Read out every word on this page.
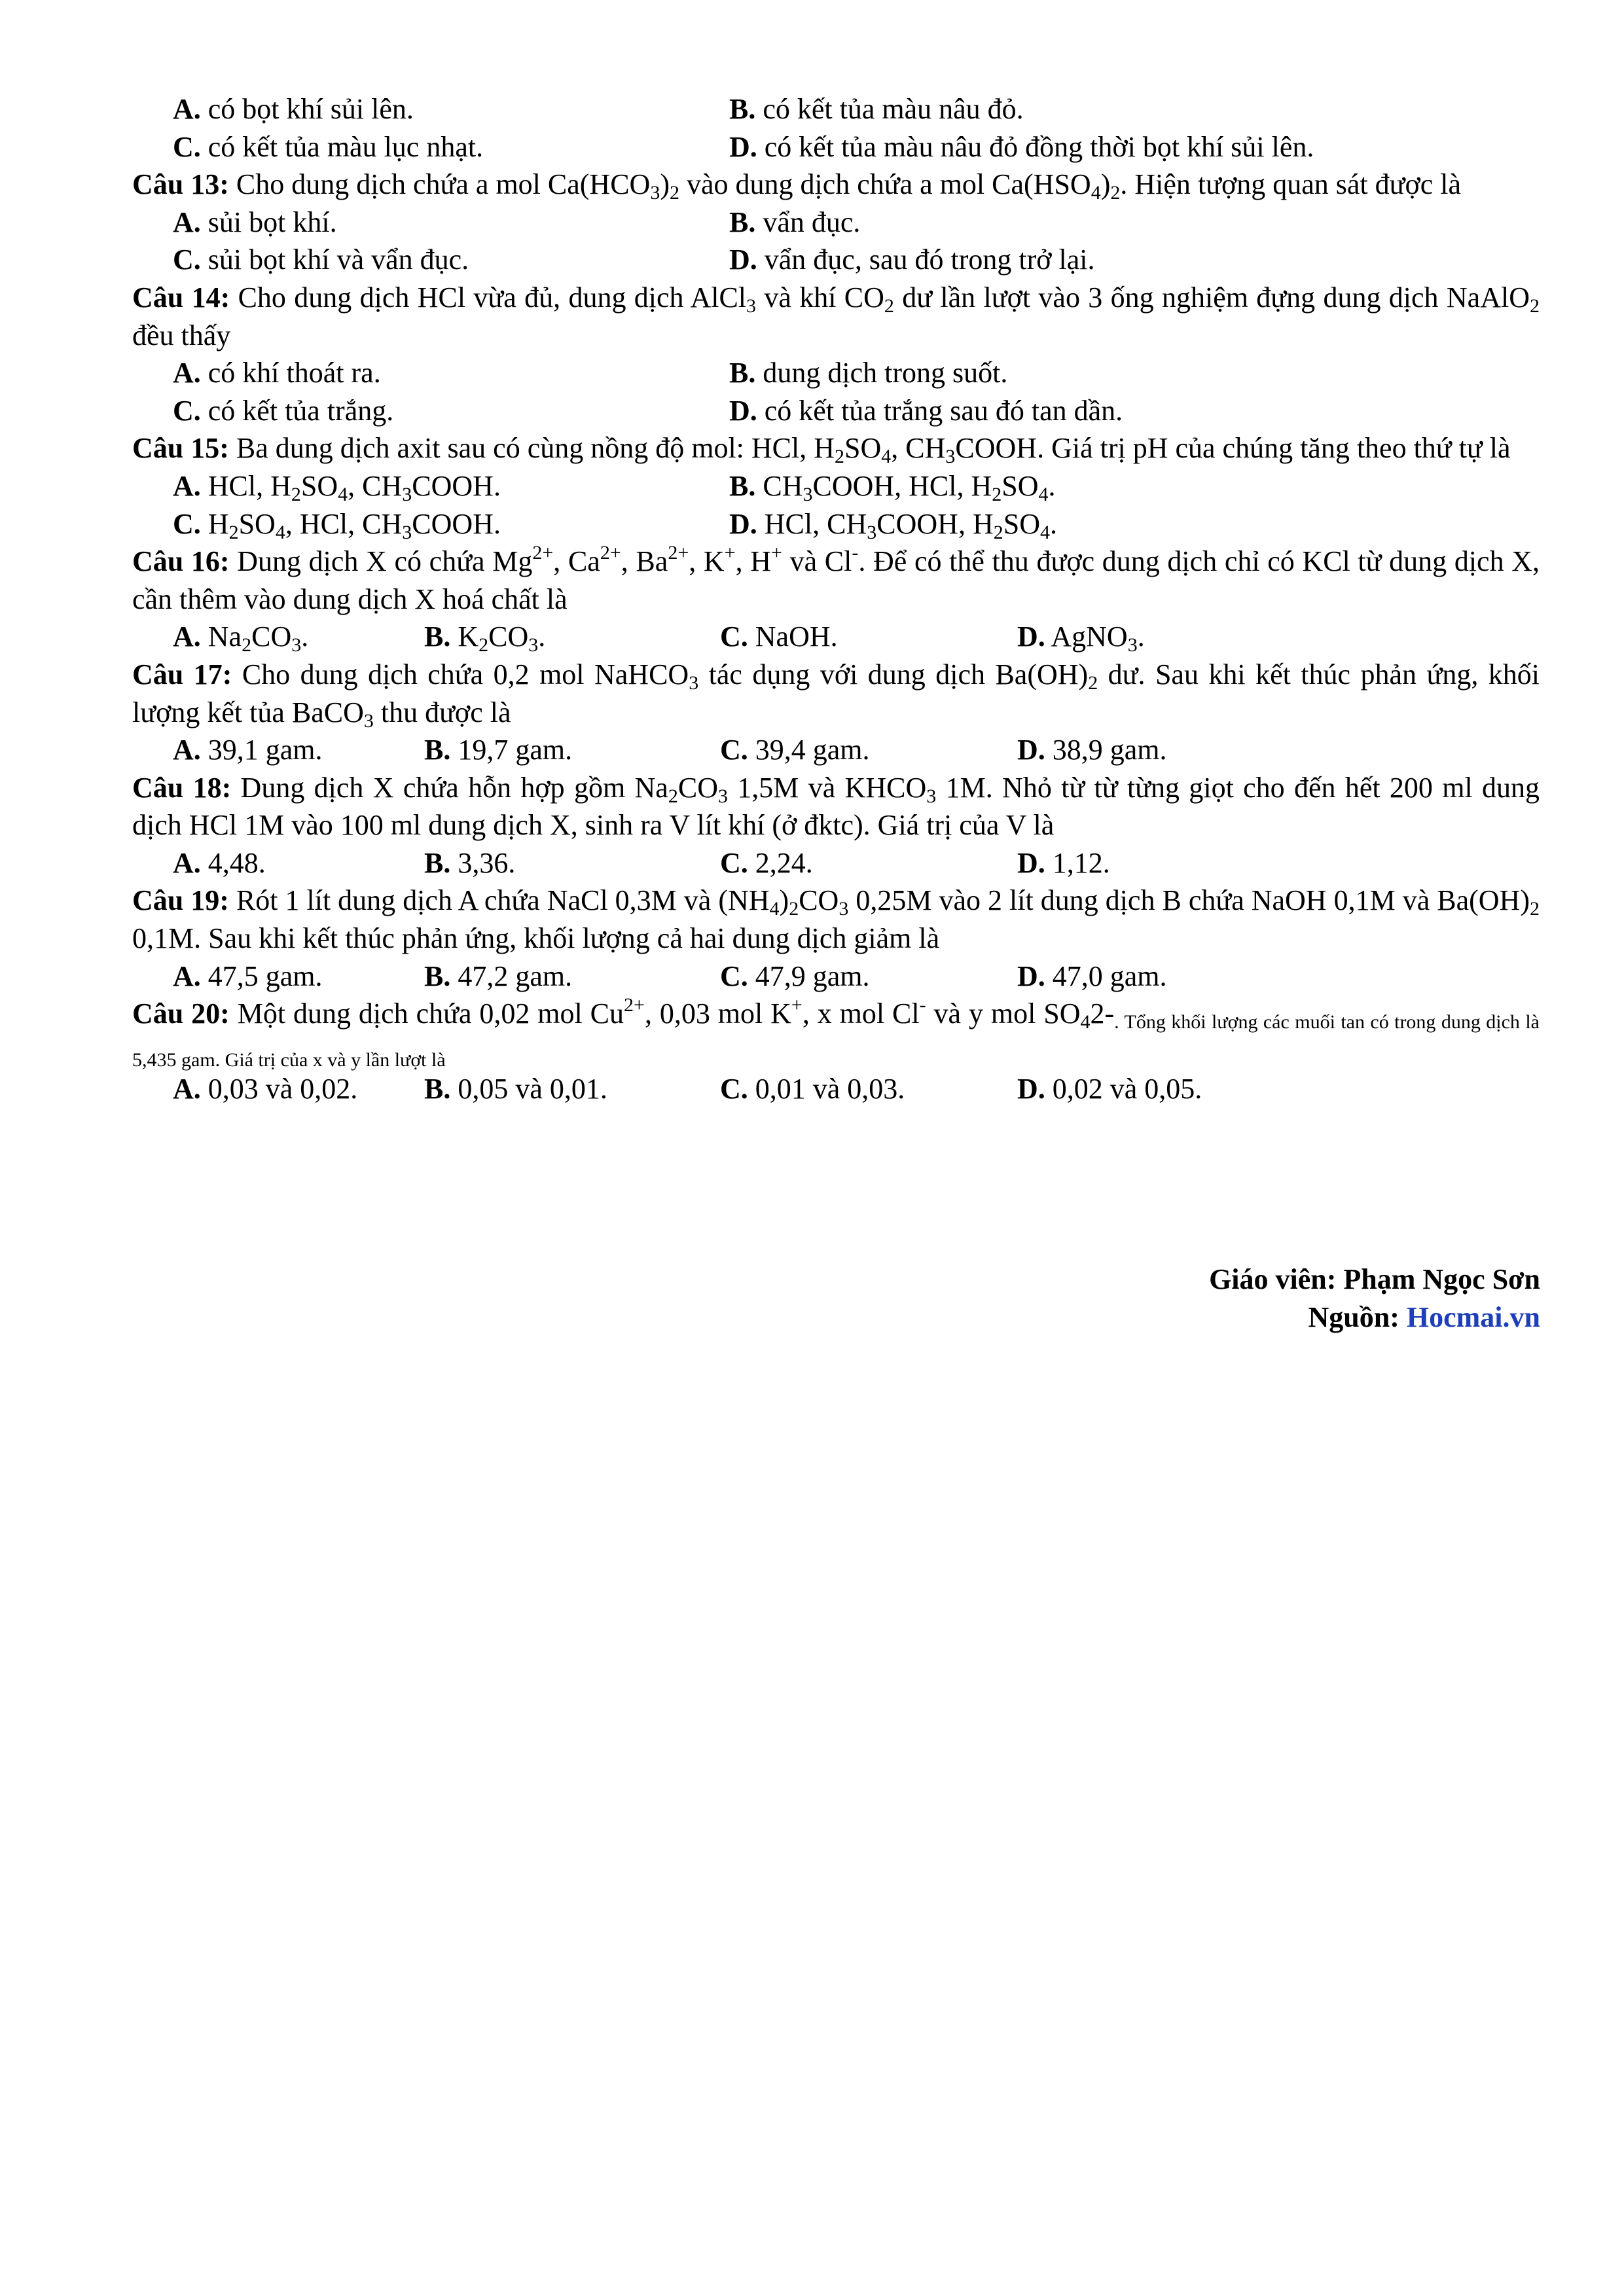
A. có bọt khí sủi lên.	B. có kết tủa màu nâu đỏ.
C. có kết tủa màu lục nhạt.	D. có kết tủa màu nâu đỏ đồng thời bọt khí sủi lên.
Câu 13: Cho dung dịch chứa a mol $Ca(HCO_3)_2$ vào dung dịch chứa a mol $Ca(HSO_4)_2$. Hiện tượng quan sát được là
A. sủi bọt khí.	B. vẩn đục.
C. sủi bọt khí và vẩn đục.	D. vẩn đục, sau đó trong trở lại.
Câu 14: Cho dung dịch HCl vừa đủ, dung dịch AlCl$_3$ và khí $CO_2$ dư lần lượt vào 3 ống nghiệm đựng dung dịch NaAlO$_2$ đều thấy
A. có khí thoát ra.	B. dung dịch trong suốt.
C. có kết tủa trắng.	D. có kết tủa trắng sau đó tan dần.
Câu 15: Ba dung dịch axit sau có cùng nồng độ mol: HCl, $H_2SO_4$, $CH_3COOH$. Giá trị pH của chúng tăng theo thứ tự là
A. HCl, $H_2SO_4$, $CH_3COOH$.	B. $CH_3COOH$, HCl, $H_2SO_4$.
C. $H_2SO_4$, HCl, $CH_3COOH$.	D. HCl, $CH_3COOH$, $H_2SO_4$.
Câu 16: Dung dịch X có chứa $Mg^{2+}$, $Ca^{2+}$, $Ba^{2+}$, K+, H+ và Cl-. Để có thể thu được dung dịch chỉ có KCl từ dung dịch X, cần thêm vào dung dịch X hoá chất là
A. $Na_2CO_3$.	B. $K_2CO_3$.	C. NaOH.	D. AgNO$_3$.
Câu 17: Cho dung dịch chứa 0,2 mol NaHCO$_3$ tác dụng với dung dịch $Ba(OH)_2$ dư. Sau khi kết thúc phản ứng, khối lượng kết tủa BaCO$_3$ thu được là
A. 39,1 gam.	B. 19,7 gam.	C. 39,4 gam.	D. 38,9 gam.
Câu 18: Dung dịch X chứa hỗn hợp gồm $Na_2CO_3$ 1,5M và $KHCO_3$ 1M. Nhỏ từ từ từng giọt cho đến hết 200 ml dung dịch HCl 1M vào 100 ml dung dịch X, sinh ra V lít khí (ở đktc). Giá trị của V là
A. 4,48.	B. 3,36.	C. 2,24.	D. 1,12.
Câu 19: Rót 1 lít dung dịch A chứa NaCl 0,3M và $(NH_4)_2CO_3$ 0,25M vào 2 lít dung dịch B chứa NaOH 0,1M và $Ba(OH)_2$ 0,1M. Sau khi kết thúc phản ứng, khối lượng cả hai dung dịch giảm là
A. 47,5 gam.	B. 47,2 gam.	C. 47,9 gam.	D. 47,0 gam.
Câu 20: Một dung dịch chứa 0,02 mol $Cu^{2+}$, 0,03 mol K+, x mol Cl- và y mol $SO_42-_{. Tổng khối lượng các muối tan có trong dung dịch là 5,435 gam. Giá trị của x và y lần lượt là}$
A. 0,03 và 0,02.	B. 0,05 và 0,01.	C. 0,01 và 0,03.	D. 0,02 và 0,05.
Giáo viên: Phạm Ngọc Sơn
Nguồn: Hocmai.vn
